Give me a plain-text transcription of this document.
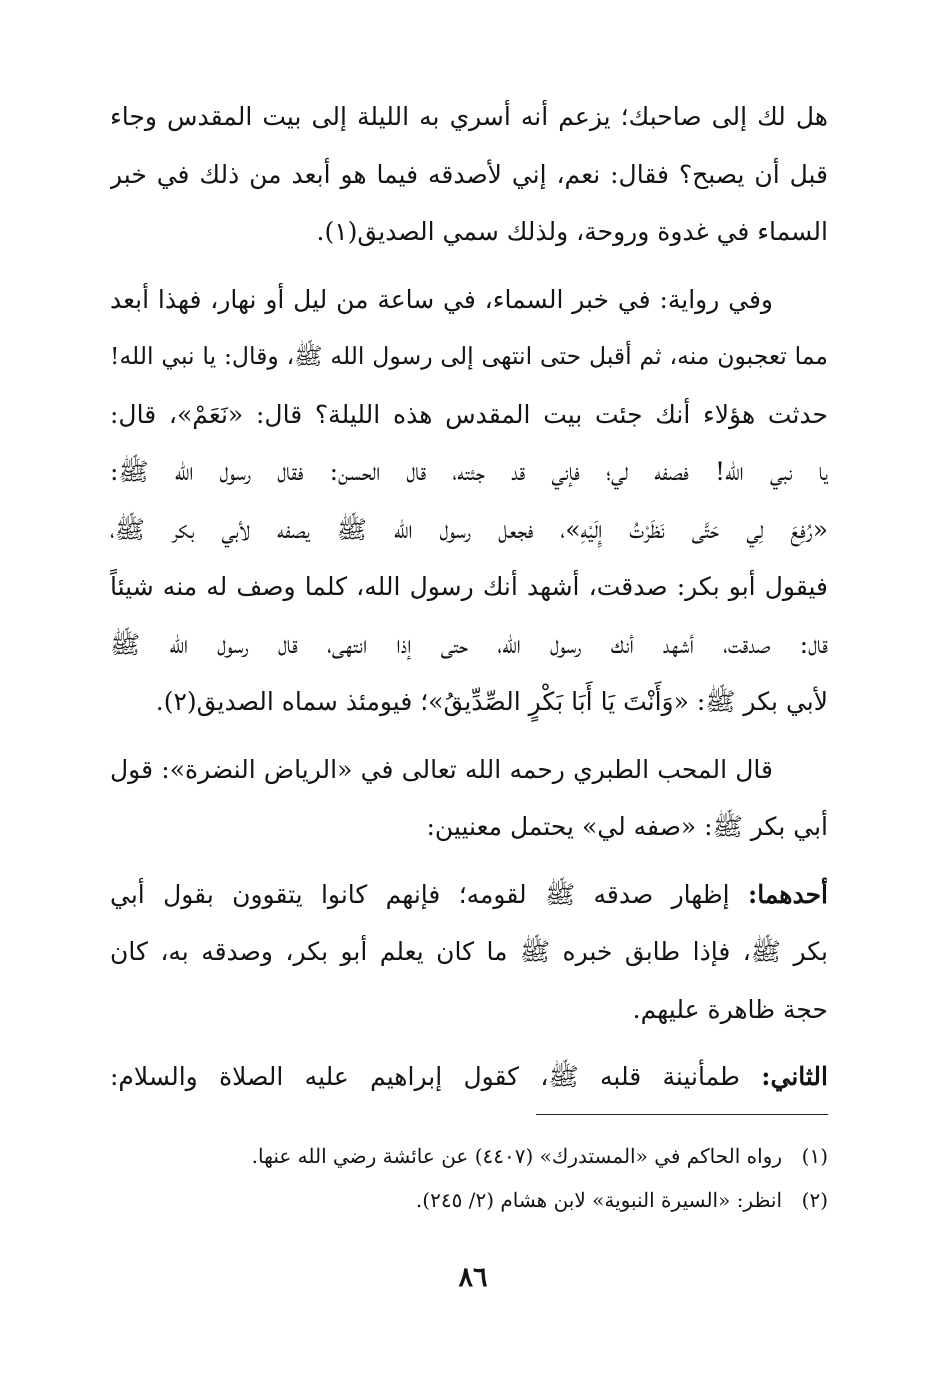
هل لك إلى صاحبك؛ يزعم أنه أسري به الليلة إلى بيت المقدس وجاء
قبل أن يصبح؟ فقال: نعم، إني لأصدقه فيما هو أبعد من ذلك في خبر
السماء في غدوة وروحة، ولذلك سمي الصديق(١).
وفي رواية: في خبر السماء، في ساعة من ليل أو نهار، فهذا أبعد
مما تعجبون منه، ثم أقبل حتى انتهى إلى رسول الله ﷺ، وقال: يا نبي الله!
حدثت هؤلاء أنك جئت بيت المقدس هذه الليلة؟ قال: «نَعَمْ»، قال:
يا نبي الله! فصفه لي؛ فإني قد جئته، قال الحسن: فقال رسول الله ﷺ:
«رُفِعَ لِي حَتَّى نَظَرْتُ إِلَيْهِ»، فجعل رسول الله ﷺ يصفه لأبي بكر ﷺ،
فيقول أبو بكر: صدقت، أشهد أنك رسول الله، كلما وصف له منه شيئاً
قال: صدقت، أشهد أنك رسول الله، حتى إذا انتهى، قال رسول الله ﷺ
لأبي بكر ﷺ: «وَأَنْتَ يَا أَبَا بَكْرٍ الصِّدِّيقُ»؛ فيومئذ سماه الصديق(٢).
قال المحب الطبري رحمه الله تعالى في «الرياض النضرة»: قول
أبي بكر ﷺ: «صفه لي» يحتمل معنيين:
أحدهما: إظهار صدقه ﷺ لقومه؛ فإنهم كانوا يتقوون بقول أبي
بكر ﷺ، فإذا طابق خبره ﷺ ما كان يعلم أبو بكر، وصدقه به، كان
حجة ظاهرة عليهم.
الثاني: طمأنينة قلبه ﷺ، كقول إبراهيم عليه الصلاة والسلام:
(١)رواه الحاكم في «المستدرك» (٤٤٠٧) عن عائشة رضي الله عنها.
(٢)انظر: «السيرة النبوية» لابن هشام (٢/ ٢٤٥).
٨٦
